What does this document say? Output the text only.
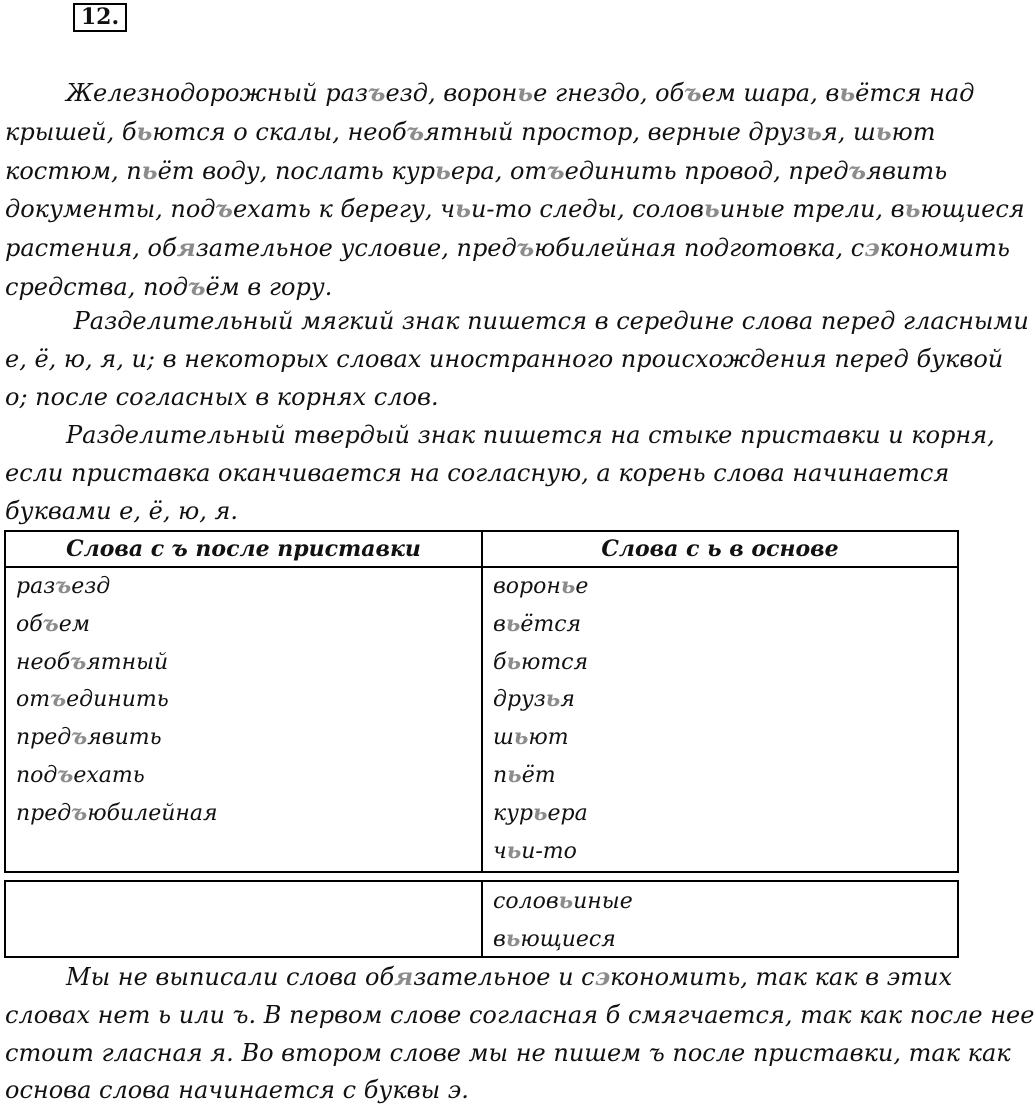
12.
Железнодорожный разъезд, воронье гнездо, объем шара, вьётся над
крышей, бьются о скалы, необъятный простор, верные друзья, шьют
костюм, пьёт воду, послать курьера, отъединить провод, предъявить
документы, подъехать к берегу, чьи-то следы, соловьиные трели, вьющиеся
растения, обязательное условие, предъюбилейная подготовка, сэкономить
средства, подъём в гору.
Разделительный мягкий знак пишется в середине слова перед гласными
е, ё, ю, я, и; в некоторых словах иностранного происхождения перед буквой
о; после согласных в корнях слов.
Разделительный твердый знак пишется на стыке приставки и корня,
если приставка оканчивается на согласную, а корень слова начинается
буквами е, ё, ю, я.
Слова с ъ после приставки	Слова с ь в основе
разъезд
объем
необъятный
отъединить
предъявить
подъехать
предъюбилейная
воронье
вьётся
бьются
друзья
шьют
пьёт
курьера
чьи-то
соловьиные
вьющиеся
Мы не выписали слова обязательное и сэкономить, так как в этих
словах нет ь или ъ. В первом слове согласная б смягчается, так как после нее
стоит гласная я. Во втором слове мы не пишем ъ после приставки, так как
основа слова начинается с буквы э.
